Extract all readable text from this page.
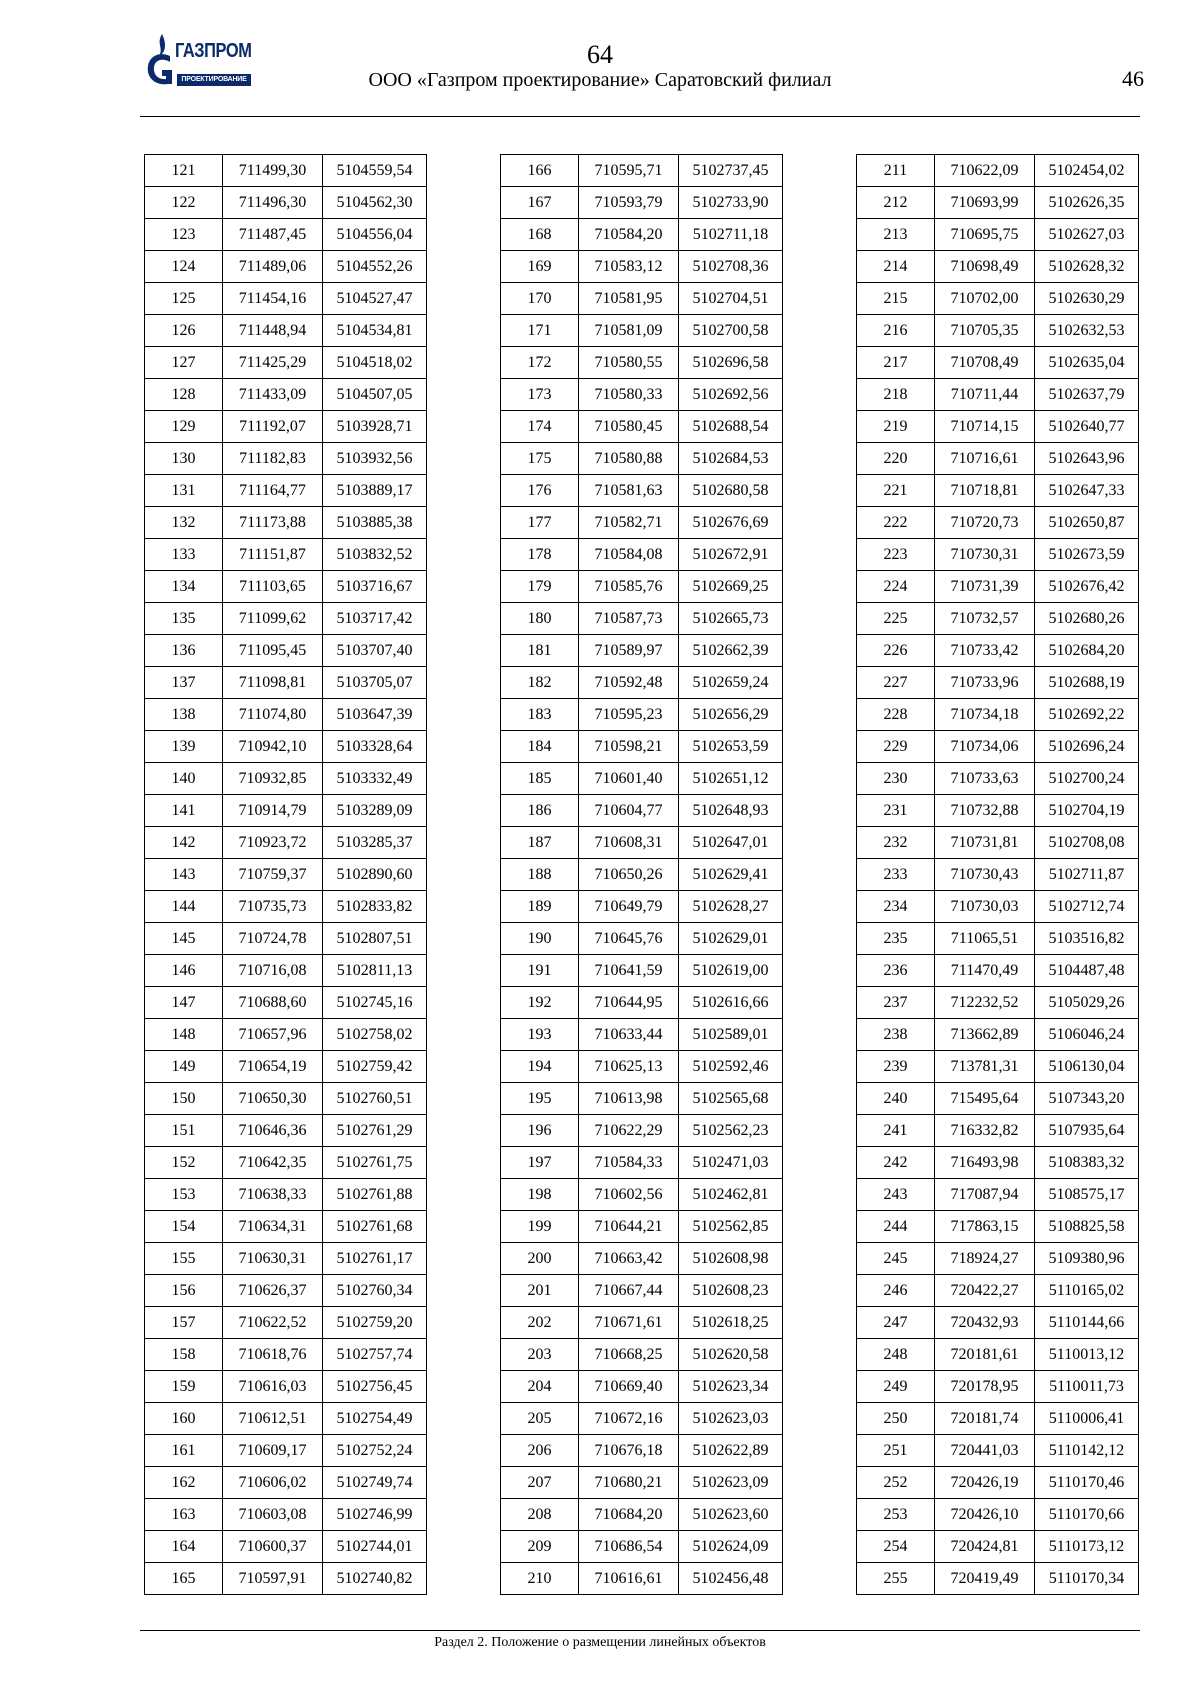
ГАЗПРОМ
ПРОЕКТИРОВАНИЕ
64
ООО «Газпром проектирование» Саратовский филиал	46
121	711499,30	5104559,54
122	711496,30	5104562,30
123	711487,45	5104556,04
124	711489,06	5104552,26
125	711454,16	5104527,47
126	711448,94	5104534,81
127	711425,29	5104518,02
128	711433,09	5104507,05
129	711192,07	5103928,71
130	711182,83	5103932,56
131	711164,77	5103889,17
132	711173,88	5103885,38
133	711151,87	5103832,52
134	711103,65	5103716,67
135	711099,62	5103717,42
136	711095,45	5103707,40
137	711098,81	5103705,07
138	711074,80	5103647,39
139	710942,10	5103328,64
140	710932,85	5103332,49
141	710914,79	5103289,09
142	710923,72	5103285,37
143	710759,37	5102890,60
144	710735,73	5102833,82
145	710724,78	5102807,51
146	710716,08	5102811,13
147	710688,60	5102745,16
148	710657,96	5102758,02
149	710654,19	5102759,42
150	710650,30	5102760,51
151	710646,36	5102761,29
152	710642,35	5102761,75
153	710638,33	5102761,88
154	710634,31	5102761,68
155	710630,31	5102761,17
156	710626,37	5102760,34
157	710622,52	5102759,20
158	710618,76	5102757,74
159	710616,03	5102756,45
160	710612,51	5102754,49
161	710609,17	5102752,24
162	710606,02	5102749,74
163	710603,08	5102746,99
164	710600,37	5102744,01
165	710597,91	5102740,82
166	710595,71	5102737,45
167	710593,79	5102733,90
168	710584,20	5102711,18
169	710583,12	5102708,36
170	710581,95	5102704,51
171	710581,09	5102700,58
172	710580,55	5102696,58
173	710580,33	5102692,56
174	710580,45	5102688,54
175	710580,88	5102684,53
176	710581,63	5102680,58
177	710582,71	5102676,69
178	710584,08	5102672,91
179	710585,76	5102669,25
180	710587,73	5102665,73
181	710589,97	5102662,39
182	710592,48	5102659,24
183	710595,23	5102656,29
184	710598,21	5102653,59
185	710601,40	5102651,12
186	710604,77	5102648,93
187	710608,31	5102647,01
188	710650,26	5102629,41
189	710649,79	5102628,27
190	710645,76	5102629,01
191	710641,59	5102619,00
192	710644,95	5102616,66
193	710633,44	5102589,01
194	710625,13	5102592,46
195	710613,98	5102565,68
196	710622,29	5102562,23
197	710584,33	5102471,03
198	710602,56	5102462,81
199	710644,21	5102562,85
200	710663,42	5102608,98
201	710667,44	5102608,23
202	710671,61	5102618,25
203	710668,25	5102620,58
204	710669,40	5102623,34
205	710672,16	5102623,03
206	710676,18	5102622,89
207	710680,21	5102623,09
208	710684,20	5102623,60
209	710686,54	5102624,09
210	710616,61	5102456,48
211	710622,09	5102454,02
212	710693,99	5102626,35
213	710695,75	5102627,03
214	710698,49	5102628,32
215	710702,00	5102630,29
216	710705,35	5102632,53
217	710708,49	5102635,04
218	710711,44	5102637,79
219	710714,15	5102640,77
220	710716,61	5102643,96
221	710718,81	5102647,33
222	710720,73	5102650,87
223	710730,31	5102673,59
224	710731,39	5102676,42
225	710732,57	5102680,26
226	710733,42	5102684,20
227	710733,96	5102688,19
228	710734,18	5102692,22
229	710734,06	5102696,24
230	710733,63	5102700,24
231	710732,88	5102704,19
232	710731,81	5102708,08
233	710730,43	5102711,87
234	710730,03	5102712,74
235	711065,51	5103516,82
236	711470,49	5104487,48
237	712232,52	5105029,26
238	713662,89	5106046,24
239	713781,31	5106130,04
240	715495,64	5107343,20
241	716332,82	5107935,64
242	716493,98	5108383,32
243	717087,94	5108575,17
244	717863,15	5108825,58
245	718924,27	5109380,96
246	720422,27	5110165,02
247	720432,93	5110144,66
248	720181,61	5110013,12
249	720178,95	5110011,73
250	720181,74	5110006,41
251	720441,03	5110142,12
252	720426,19	5110170,46
253	720426,10	5110170,66
254	720424,81	5110173,12
255	720419,49	5110170,34
Раздел 2. Положение о размещении линейных объектов
